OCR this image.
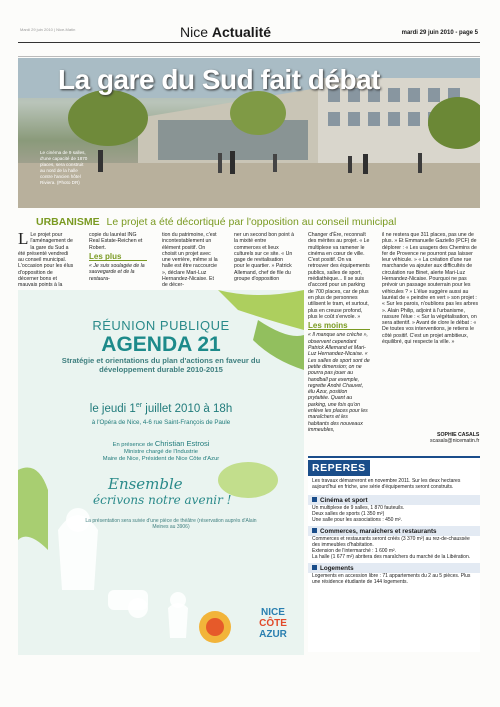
Mardi 29 juin 2010 | Nice-Matin	Nice Actualité	mardi 29 juin 2010 - page 5
La gare du Sud fait débat
Le cinéma de 9 salles, d'une capacité de 1870 places, sera construit au nord de la halle contre l'ancien hôtel Riviera. (Photo DR)
URBANISME Le projet a été décortiqué par l'opposition au conseil municipal
L Le projet pour l'aménagement de la gare du Sud a été présenté vendredi au conseil municipal. L'occasion pour les élus d'opposition de décerner bons et mauvais points à la

copie du lauréat ING Real Estate-Reichen et Robert.

Les plus

« Je suis soulagée de la sauvegarde et de la restaura-

tion du patrimoine, c'est incontestablement un élément positif. On choisit un projet avec une verrière, même si la halle est être raccourcie », déclare Mari-Luz Hernandez-Nicaise. Et de décer-

ner un second bon point à la mixité entre commerces et lieux culturels sur ce site. « Un gage de revitalisation pour le quartier. » Patrick Allemand, chef de file du groupe d'opposition

Changer d'Ère, reconnaît des mérites au projet. « Le multiplexe va ramener le cinéma en cœur de ville. C'est positif. On va retrouver des équipements publics, salles de sport, médiathèque... Il se suis d'accord pour un parking de 700 places, car de plus en plus de personnes utilisent le tram, et surtout, plus en creuse profond, plus le coût s'envole. »

Les moins

« Il manque une crèche », observent cependant Patrick Allemand et Mari-Luz Hernandez-Nicaise. « Les salles de sport sont de petite dimension; on ne pourra pas jouer au handball par exemple, regrette André Chauvet, élu Azur, position prytaitée. Quant au parking, une fois qu'on enlève les places pour les maraîchers et les habitants des nouveaux immeubles,

il ne restera que 311 places, pas une de plus. » Et Emmanuelle Gaziello (PCF) de déplorer : « Les usagers des Chemins de fer de Provence ne pourront pas laisser leur véhicule. » « La création d'une rue marchande va ajouter aux difficultés de circulation rue Binet, alerte Mari-Luz Hernandez-Nicaise. Pourquoi ne pas prévoir un passage souterrain pour les véhicules ? » L'élue suggère aussi au lauréat de « peindre en vert » son projet : « Sur les parois, n'oublions pas les arbres ». Alain Philip, adjoint à l'urbanisme, rassure l'élue : « Sur la végétalisation, on sera attentif. » Avant de clore le débat : « De toutes vos interventions, je retiens le côté positif. C'est un projet ambitieux, équilibré, qui respecte la ville. »

SOPHIE CASALS
scasals@nicematin.fr
RÉUNION PUBLIQUE
AGENDA 21
Stratégie et orientations du plan d'actions en faveur du développement durable 2010-2015
le jeudi 1er juillet 2010 à 18h
à l'Opéra de Nice, 4-6 rue Saint-François de Paule
En présence de Christian Estrosi
Ministre chargé de l'Industrie
Maire de Nice, Président de Nice Côte d'Azur
Ensemble
écrivons notre avenir !
La présentation sera suivie d'une pièce de théâtre (réservation auprès d'Alain Meines au 3906)
NICE
CÔTE
AZUR
REPERES
Les travaux démarreront en novembre 2011. Sur les deux hectares aujourd'hui en friche, une série d'équipements seront construits.
Cinéma et sport
Un multiplexe de 9 salles, 1 870 fauteuils.
Deux salles de sports (1 350 m²)
Une salle pour les associations : 450 m².
Commerces, maraîchers et restaurants
Commerces et restaurants seront créés (3 370 m²) au rez-de-chaussée des immeubles d'habitation.
Extension de l'intermarché : 1 600 m².
La halle (1 677 m²) abritera des maraîchers du marché de la Libération.
Logements
Logements en accession libre : 71 appartements du 2 au 5 pièces. Plus une résidence étudiante de 144 logements.
